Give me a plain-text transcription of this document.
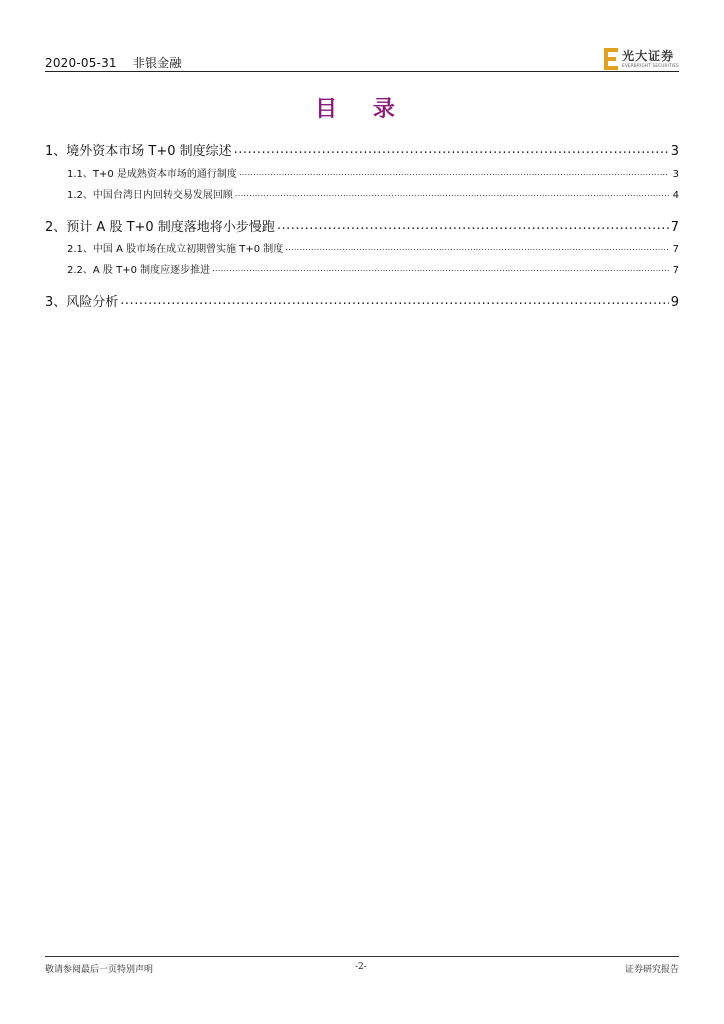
2020-05-31 非银金融	光大证券
EVERBRIGHT SECURITIES
目 录
1、 境外资本市场 T+0 制度综述 .....	3
1.1、 T+0 是成熟资本市场的通行制度 .....	3
1.2、 中国台湾日内回转交易发展回顾 .....	4
2、 预计 A 股 T+0 制度落地将小步慢跑 .....	7
2.1、 中国 A 股市场在成立初期曾实施 T+0 制度 .....	7
2.2、 A 股 T+0 制度应逐步推进 .....	7
3、 风险分析 .....	9
敬请参阅最后一页特别声明	-2-	证券研究报告
